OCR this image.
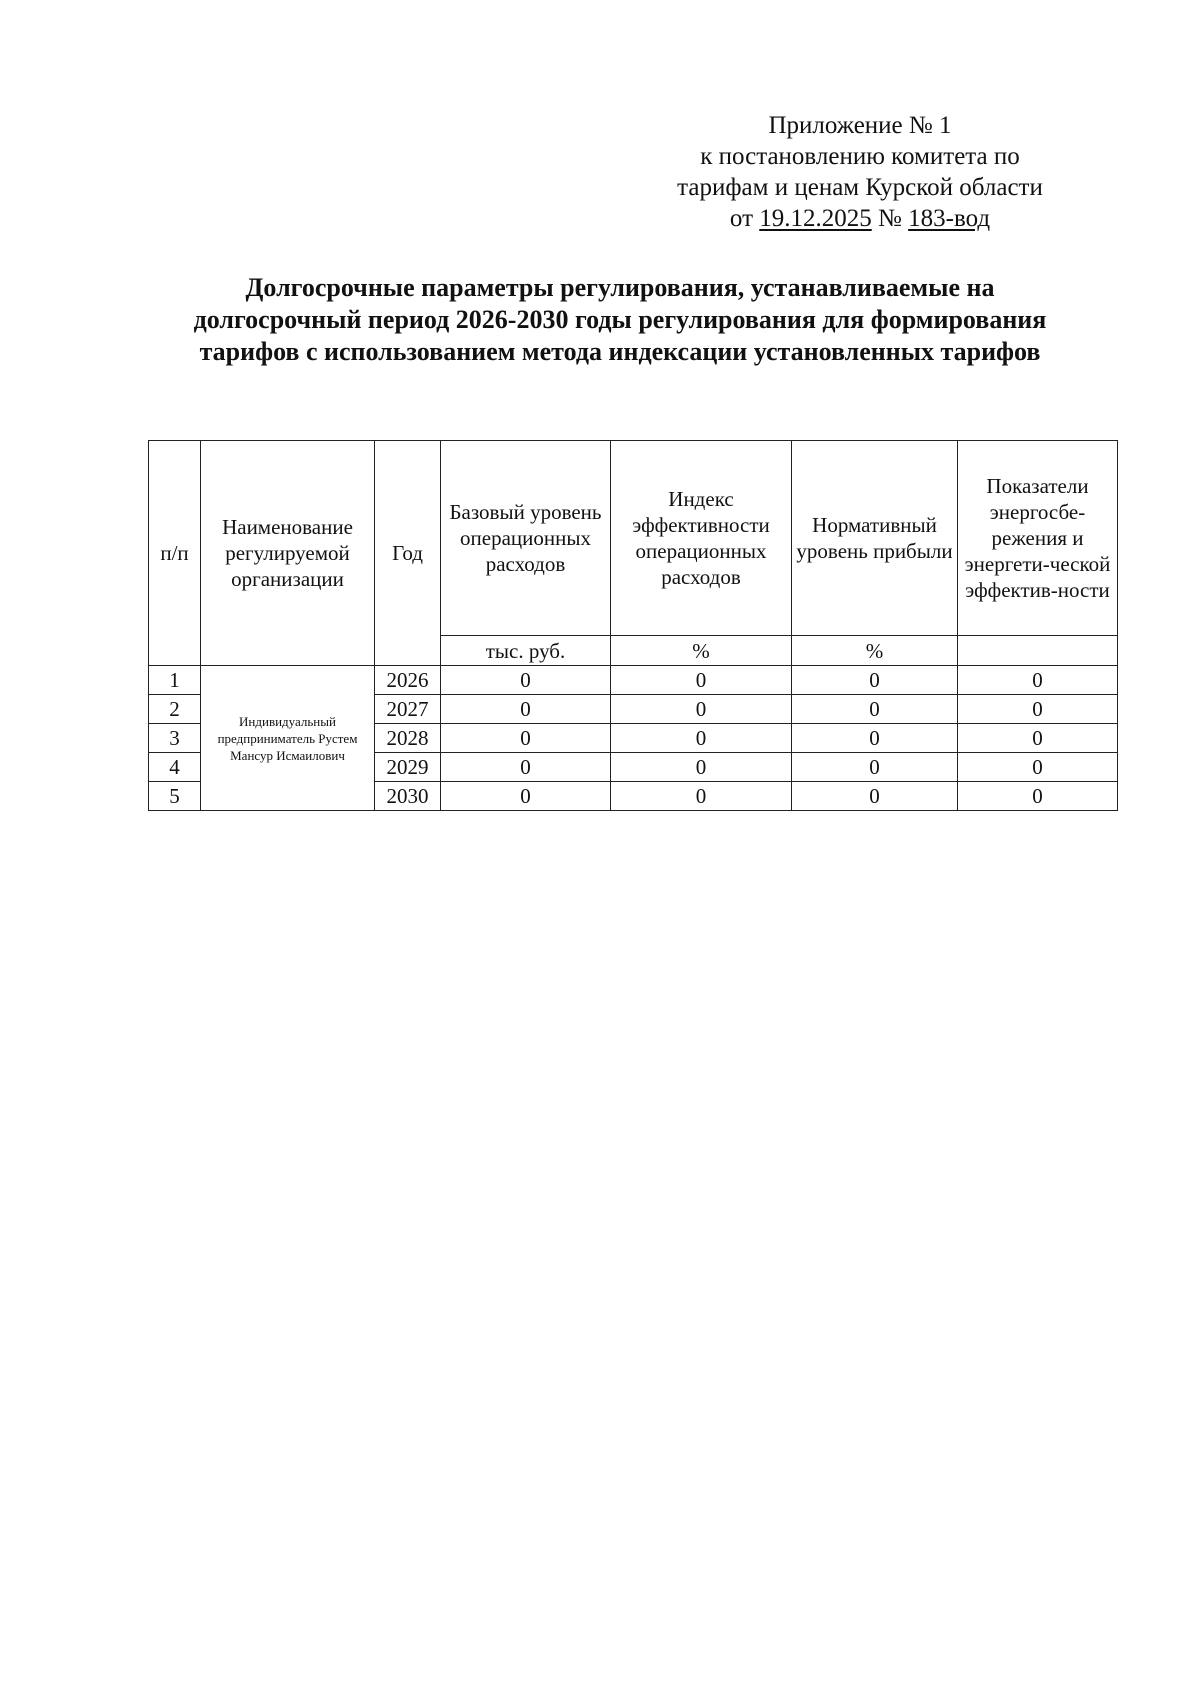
Приложение № 1
к постановлению комитета по
тарифам и ценам Курской области
от 19.12.2025 № 183-вод
Долгосрочные параметры регулирования, устанавливаемые на долгосрочный период 2026-2030 годы регулирования для формирования тарифов с использованием метода индексации установленных тарифов
п/п	Наименование регулируемой организации	Год	Базовый уровень операционных расходов	Индекс эффективности операционных расходов	Нормативный уровень прибыли	Показатели энергосбе-режения и энергети-ческой эффектив-ности
			тыс. руб.	%	%	
1	Индивидуальный предприниматель Рустем Мансур Исмаилович	2026	0	0	0	0
2		2027	0	0	0	0
3		2028	0	0	0	0
4		2029	0	0	0	0
5		2030	0	0	0	0
